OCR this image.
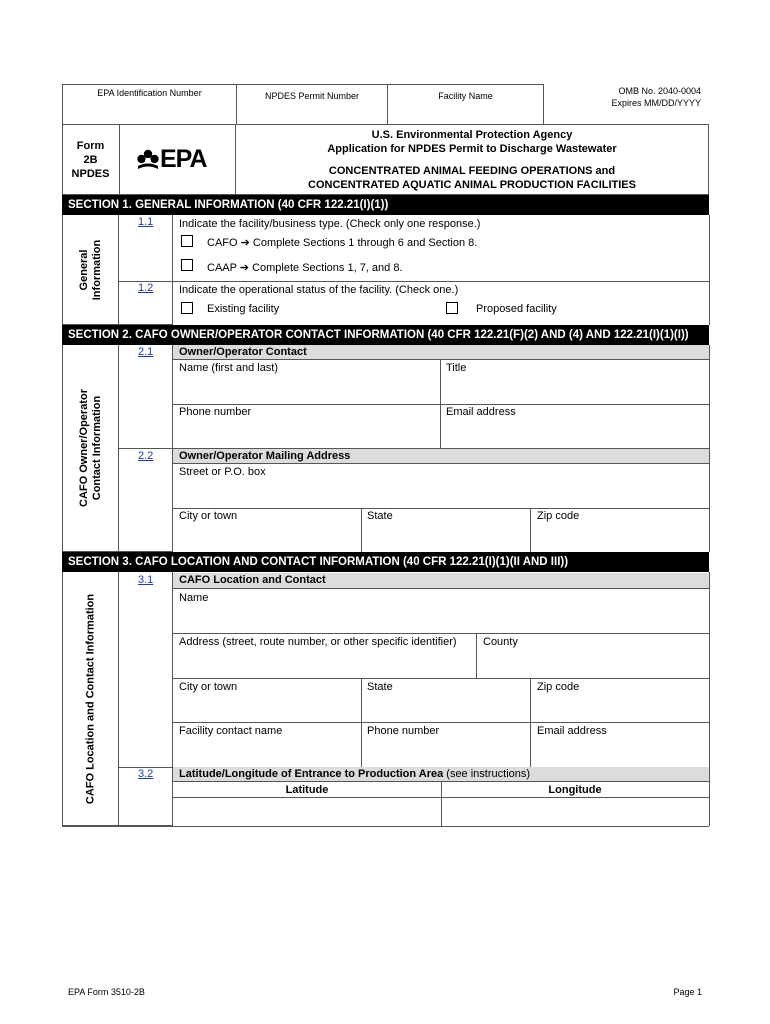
EPA Identification Number	NPDES Permit Number	Facility Name	OMB No. 2040-0004
Expires MM/DD/YYYY
Form
2B
NPDES
EPA
U.S. Environmental Protection Agency
Application for NPDES Permit to Discharge Wastewater
CONCENTRATED ANIMAL FEEDING OPERATIONS and
CONCENTRATED AQUATIC ANIMAL PRODUCTION FACILITIES
SECTION 1. GENERAL INFORMATION (40 CFR 122.21(I)(1))
General Information
1.1 Indicate the facility/business type. (Check only one response.)
CAFO ➔ Complete Sections 1 through 6 and Section 8.
CAAP ➔ Complete Sections 1, 7, and 8.
1.2 Indicate the operational status of the facility. (Check one.)
Existing facility	Proposed facility
SECTION 2. CAFO OWNER/OPERATOR CONTACT INFORMATION (40 CFR 122.21(F)(2) AND (4) AND 122.21(I)(1)(I))
CAFO Owner/Operator Contact Information
2.1	Owner/Operator Contact
Name (first and last)	Title
Phone number	Email address
2.2	Owner/Operator Mailing Address
Street or P.O. box
City or town	State	Zip code
SECTION 3. CAFO LOCATION AND CONTACT INFORMATION (40 CFR 122.21(I)(1)(II AND III))
CAFO Location and Contact Information
3.1	CAFO Location and Contact
Name
Address (street, route number, or other specific identifier) County
City or town	State	Zip code
Facility contact name	Phone number	Email address
3.2	Latitude/Longitude of Entrance to Production Area (see instructions)
Latitude	Longitude
EPA Form 3510-2B	Page 1
